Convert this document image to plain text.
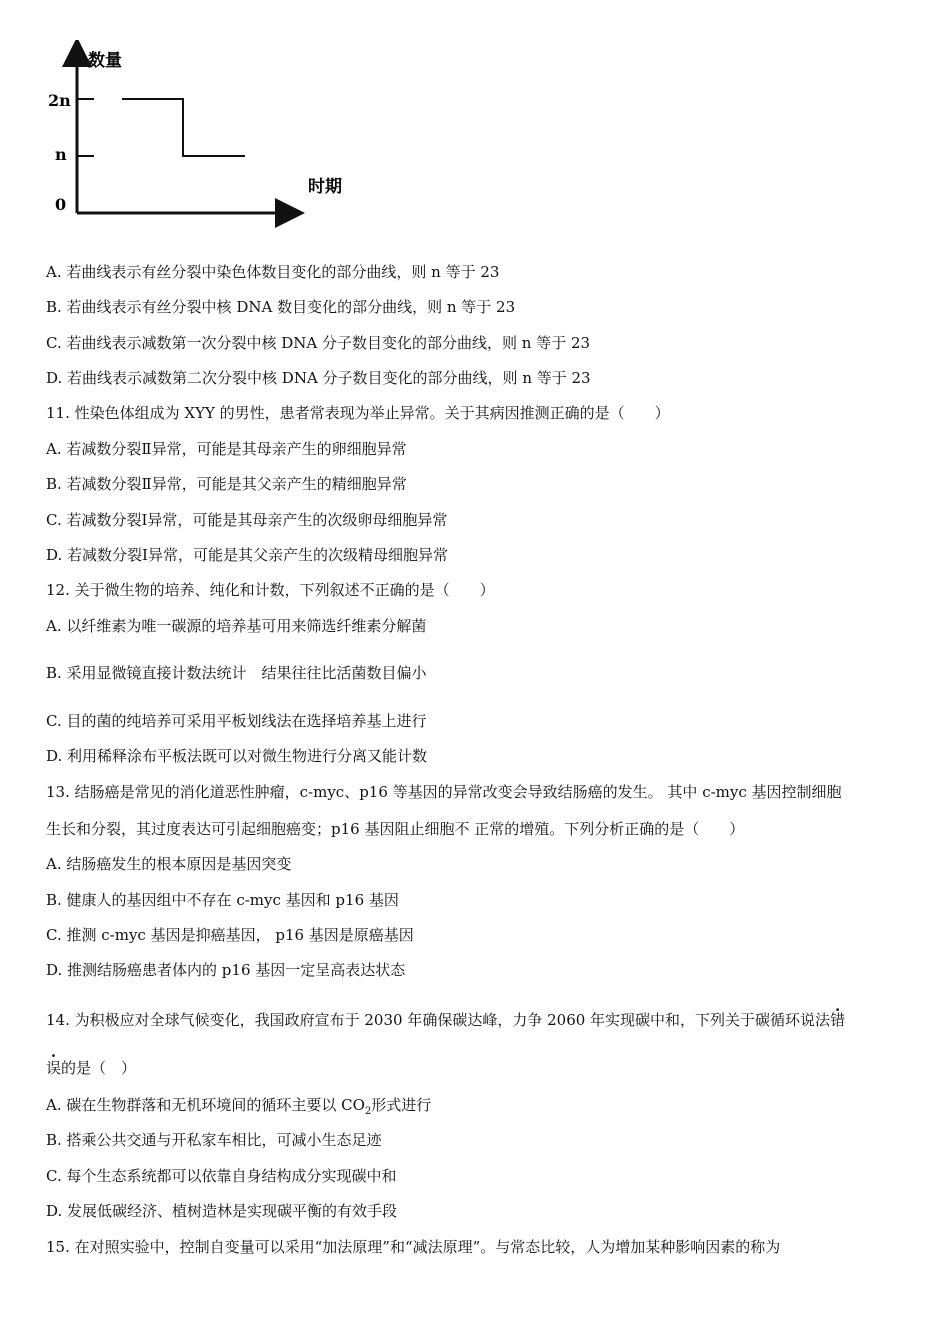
数量
时期
2n
n
0
A. 若曲线表示有丝分裂中染色体数目变化的部分曲线，则 n 等于 23
B. 若曲线表示有丝分裂中核 DNA 数目变化的部分曲线，则 n 等于 23
C. 若曲线表示减数第一次分裂中核 DNA 分子数目变化的部分曲线，则 n 等于 23
D. 若曲线表示减数第二次分裂中核 DNA 分子数目变化的部分曲线，则 n 等于 23
11. 性染色体组成为 XYY 的男性，患者常表现为举止异常。关于其病因推测正确的是（　　）
A. 若减数分裂Ⅱ异常，可能是其母亲产生的卵细胞异常
B. 若减数分裂Ⅱ异常，可能是其父亲产生的精细胞异常
C. 若减数分裂Ⅰ异常，可能是其母亲产生的次级卵母细胞异常
D. 若减数分裂Ⅰ异常，可能是其父亲产生的次级精母细胞异常
12. 关于微生物的培养、纯化和计数，下列叙述不正确的是（　　）
A. 以纤维素为唯一碳源的培养基可用来筛选纤维素分解菌
B. 采用显微镜直接计数法统计　结果往往比活菌数目偏小
C. 目的菌的纯培养可采用平板划线法在选择培养基上进行
D. 利用稀释涂布平板法既可以对微生物进行分离又能计数
13. 结肠癌是常见的消化道恶性肿瘤，c-myc、p16 等基因的异常改变会导致结肠癌的发生。 其中 c-myc 基因控制细胞
生长和分裂，其过度表达可引起细胞癌变；p16 基因阻止细胞不 正常的增殖。下列分析正确的是（　　）
A. 结肠癌发生的根本原因是基因突变
B. 健康人的基因组中不存在 c-myc 基因和 p16 基因
C. 推测 c-myc 基因是抑癌基因， p16 基因是原癌基因
D. 推测结肠癌患者体内的 p16 基因一定呈高表达状态
14. 为积极应对全球气候变化，我国政府宣布于 2030 年确保碳达峰，力争 2060 年实现碳中和，下列关于碳循环说法错
误的是（　）
A. 碳在生物群落和无机环境间的循环主要以 $CO_2$形式进行
B. 搭乘公共交通与开私家车相比，可减小生态足迹
C. 每个生态系统都可以依靠自身结构成分实现碳中和
D. 发展低碳经济、植树造林是实现碳平衡的有效手段
15. 在对照实验中，控制自变量可以采用“加法原理”和“减法原理”。与常态比较，人为增加某种影响因素的称为
